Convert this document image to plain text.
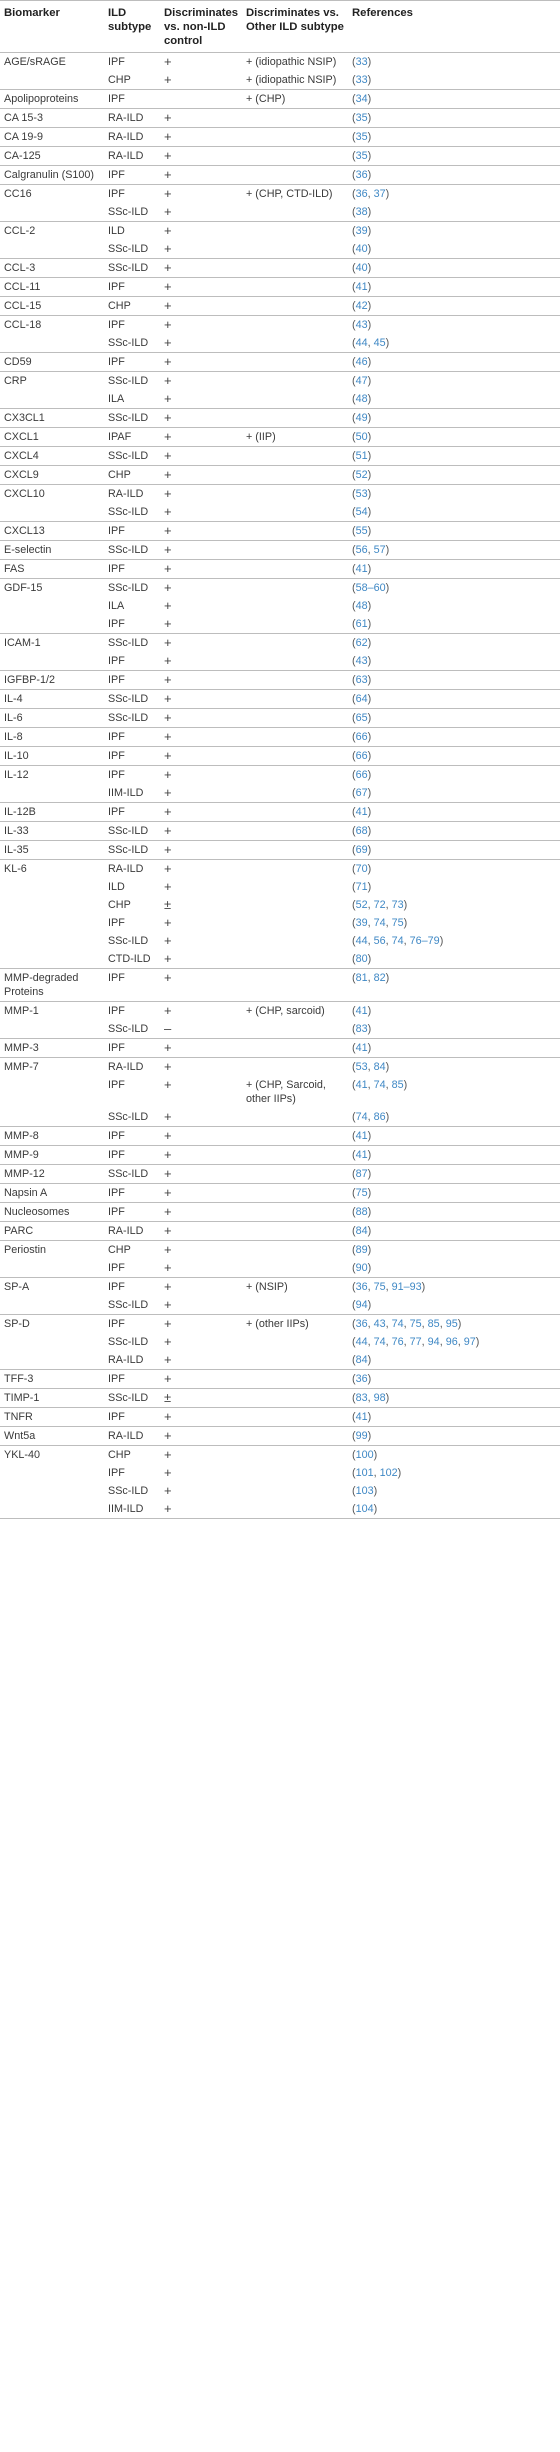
Biomarker	ILD subtype	Discriminates vs. non-ILD control	Discriminates vs. Other ILD subtype	References
AGE/sRAGE	IPF	+	+ (idiopathic NSIP)	(33)
	CHP	+	+ (idiopathic NSIP)	(33)
Apolipoproteins	IPF		+ (CHP)	(34)
CA 15-3	RA-ILD	+		(35)
CA 19-9	RA-ILD	+		(35)
CA-125	RA-ILD	+		(35)
Calgranulin (S100)	IPF	+		(36)
CC16	IPF	+	+ (CHP, CTD-ILD)	(36, 37)
	SSc-ILD	+		(38)
CCL-2	ILD	+		(39)
	SSc-ILD	+		(40)
CCL-3	SSc-ILD	+		(40)
CCL-11	IPF	+		(41)
CCL-15	CHP	+		(42)
CCL-18	IPF	+		(43)
	SSc-ILD	+		(44, 45)
CD59	IPF	+		(46)
CRP	SSc-ILD	+		(47)
	ILA	+		(48)
CX3CL1	SSc-ILD	+		(49)
CXCL1	IPAF	+	+ (IIP)	(50)
CXCL4	SSc-ILD	+		(51)
CXCL9	CHP	+		(52)
CXCL10	RA-ILD	+		(53)
	SSc-ILD	+		(54)
CXCL13	IPF	+		(55)
E-selectin	SSc-ILD	+		(56, 57)
FAS	IPF	+		(41)
GDF-15	SSc-ILD	+		(58–60)
	ILA	+		(48)
	IPF	+		(61)
ICAM-1	SSc-ILD	+		(62)
	IPF	+		(43)
IGFBP-1/2	IPF	+		(63)
IL-4	SSc-ILD	+		(64)
IL-6	SSc-ILD	+		(65)
IL-8	IPF	+		(66)
IL-10	IPF	+		(66)
IL-12	IPF	+		(66)
	IIM-ILD	+		(67)
IL-12B	IPF	+		(41)
IL-33	SSc-ILD	+		(68)
IL-35	SSc-ILD	+		(69)
KL-6	RA-ILD	+		(70)
	ILD	+		(71)
	CHP	±		(52, 72, 73)
	IPF	+		(39, 74, 75)
	SSc-ILD	+		(44, 56, 74, 76–79)
	CTD-ILD	+		(80)
MMP-degraded Proteins	IPF	+		(81, 82)
MMP-1	IPF	+	+ (CHP, sarcoid)	(41)
	SSc-ILD	–		(83)
MMP-3	IPF	+		(41)
MMP-7	RA-ILD	+		(53, 84)
	IPF	+	+ (CHP, Sarcoid, other IIPs)	(41, 74, 85)
	SSc-ILD	+		(74, 86)
MMP-8	IPF	+		(41)
MMP-9	IPF	+		(41)
MMP-12	SSc-ILD	+		(87)
Napsin A	IPF	+		(75)
Nucleosomes	IPF	+		(88)
PARC	RA-ILD	+		(84)
Periostin	CHP	+		(89)
	IPF	+		(90)
SP-A	IPF	+	+ (NSIP)	(36, 75, 91–93)
	SSc-ILD	+		(94)
SP-D	IPF	+	+ (other IIPs)	(36, 43, 74, 75, 85, 95)
	SSc-ILD	+		(44, 74, 76, 77, 94, 96, 97)
	RA-ILD	+		(84)
TFF-3	IPF	+		(36)
TIMP-1	SSc-ILD	±		(83, 98)
TNFR	IPF	+		(41)
Wnt5a	RA-ILD	+		(99)
YKL-40	CHP	+		(100)
	IPF	+		(101, 102)
	SSc-ILD	+		(103)
	IIM-ILD	+		(104)
